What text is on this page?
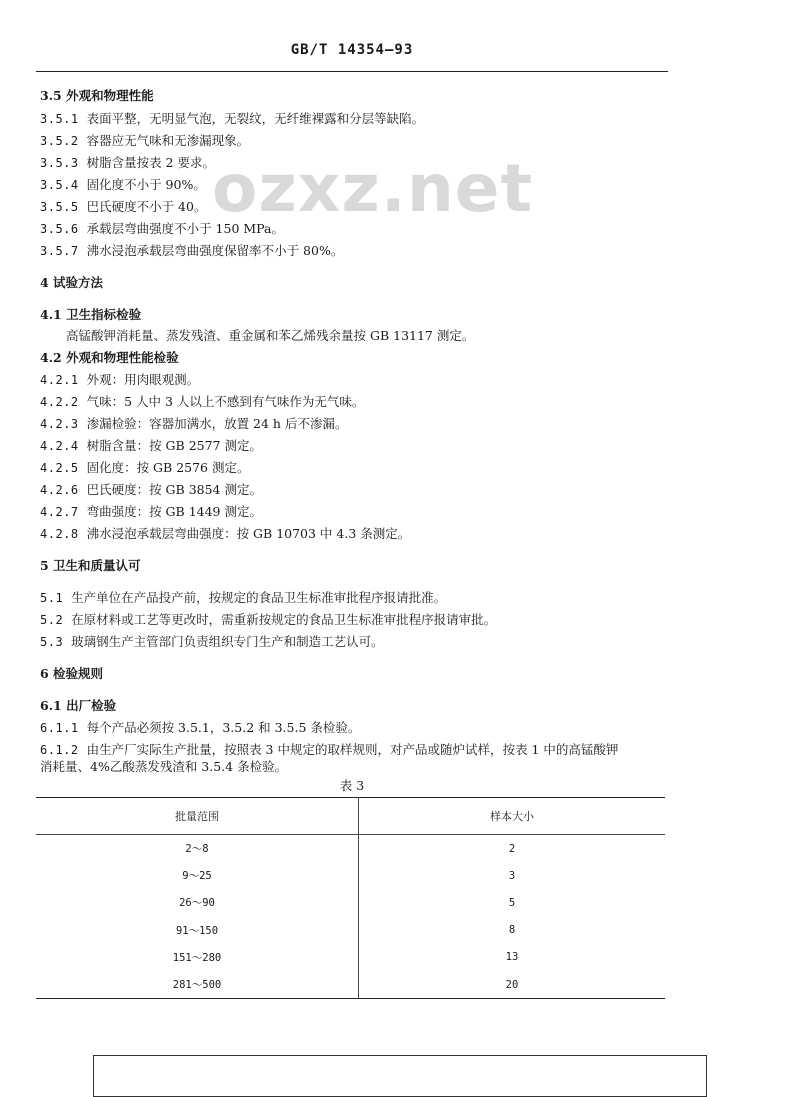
GB/T 14354—93
ozxz.net
3.5 外观和物理性能
3.5.1 表面平整，无明显气泡，无裂纹，无纤维裸露和分层等缺陷。
3.5.2 容器应无气味和无渗漏现象。
3.5.3 树脂含量按表 2 要求。
3.5.4 固化度不小于 90%。
3.5.5 巴氏硬度不小于 40。
3.5.6 承载层弯曲强度不小于 150 MPa。
3.5.7 沸水浸泡承载层弯曲强度保留率不小于 80%。
4 试验方法
4.1 卫生指标检验
高锰酸钾消耗量、蒸发残渣、重金属和苯乙烯残余量按 GB 13117 测定。
4.2 外观和物理性能检验
4.2.1 外观：用肉眼观测。
4.2.2 气味：5 人中 3 人以上不感到有气味作为无气味。
4.2.3 渗漏检验：容器加满水，放置 24 h 后不渗漏。
4.2.4 树脂含量：按 GB 2577 测定。
4.2.5 固化度：按 GB 2576 测定。
4.2.6 巴氏硬度：按 GB 3854 测定。
4.2.7 弯曲强度：按 GB 1449 测定。
4.2.8 沸水浸泡承载层弯曲强度：按 GB 10703 中 4.3 条测定。
5 卫生和质量认可
5.1 生产单位在产品投产前，按规定的食品卫生标准审批程序报请批准。
5.2 在原材料或工艺等更改时，需重新按规定的食品卫生标准审批程序报请审批。
5.3 玻璃钢生产主管部门负责组织专门生产和制造工艺认可。
6 检验规则
6.1 出厂检验
6.1.1 每个产品必须按 3.5.1，3.5.2 和 3.5.5 条检验。
6.1.2 由生产厂实际生产批量，按照表 3 中规定的取样规则，对产品或随炉试样，按表 1 中的高锰酸钾
消耗量、4%乙酸蒸发残渣和 3.5.4 条检验。
表 3
批量范围	样本大小
2～8	2
9～25	3
26～90	5
91～150	8
151～280	13
281～500	20
